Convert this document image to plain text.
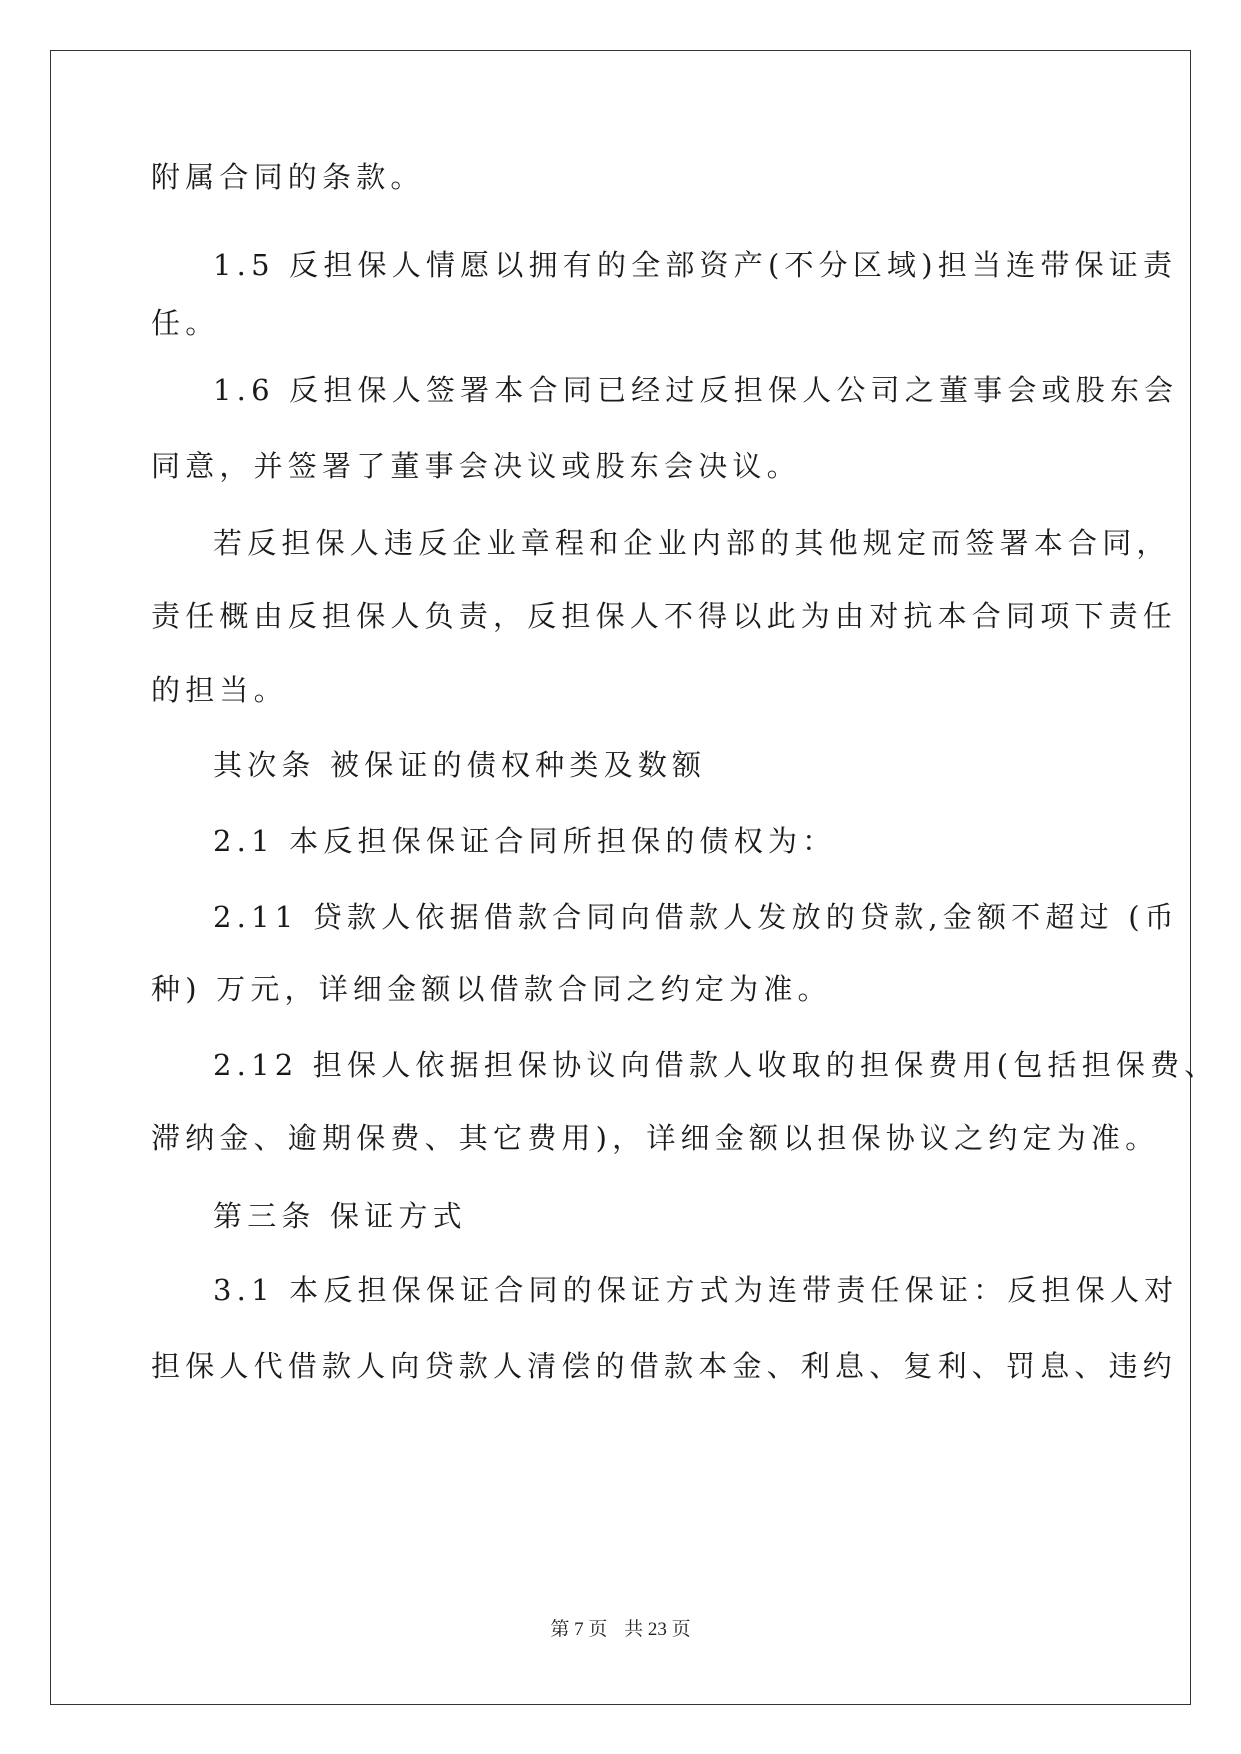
附属合同的条款。
1.5 反担保人情愿以拥有的全部资产(不分区域)担当连带保证责
任。
1.6 反担保人签署本合同已经过反担保人公司之董事会或股东会
同意，并签署了董事会决议或股东会决议。
若反担保人违反企业章程和企业内部的其他规定而签署本合同，
责任概由反担保人负责，反担保人不得以此为由对抗本合同项下责任
的担当。
其次条 被保证的债权种类及数额
2.1 本反担保保证合同所担保的债权为：
2.11 贷款人依据借款合同向借款人发放的贷款,金额不超过 (币
种) 万元，详细金额以借款合同之约定为准。
2.12 担保人依据担保协议向借款人收取的担保费用(包括担保费、
滞纳金、逾期保费、其它费用)，详细金额以担保协议之约定为准。
第三条 保证方式
3.1 本反担保保证合同的保证方式为连带责任保证：反担保人对
担保人代借款人向贷款人清偿的借款本金、利息、复利、罚息、违约
第 7 页 共 23 页
